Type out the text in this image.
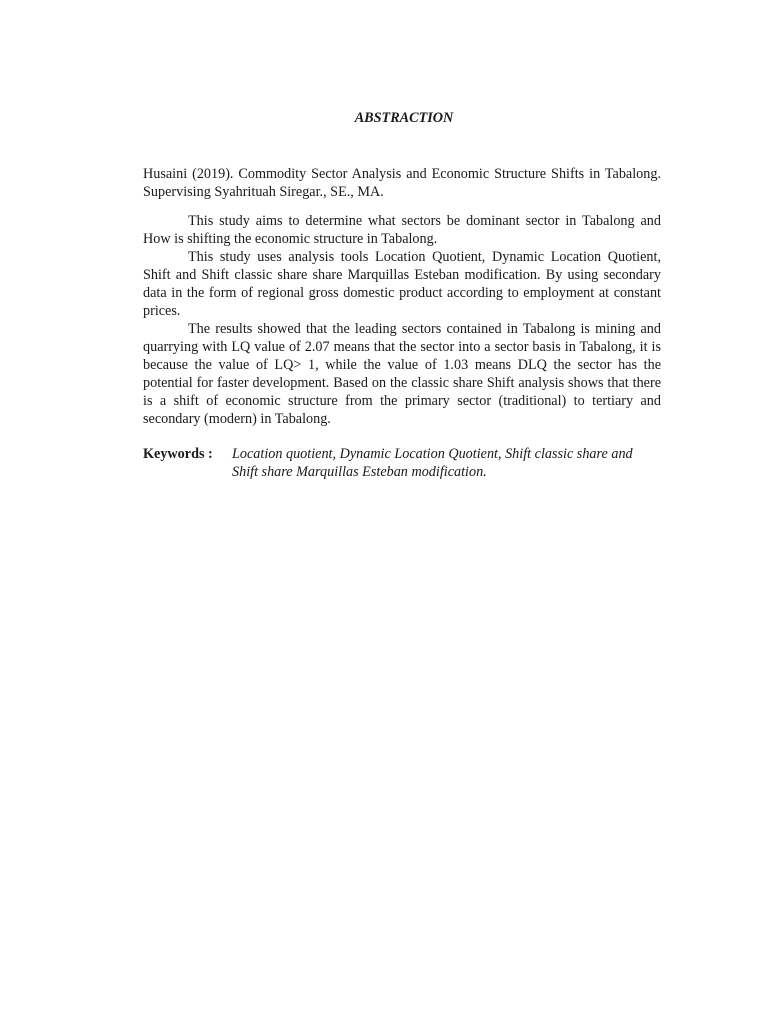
ABSTRACTION

Husaini (2019). Commodity Sector Analysis and Economic Structure Shifts in Tabalong. Supervising Syahrituah Siregar., SE., MA.

This study aims to determine what sectors be dominant sector in Tabalong and How is shifting the economic structure in Tabalong.

This study uses analysis tools Location Quotient, Dynamic Location Quotient, Shift and Shift classic share share Marquillas Esteban modification. By using secondary data in the form of regional gross domestic product according to employment at constant prices.

The results showed that the leading sectors contained in Tabalong is mining and quarrying with LQ value of 2.07 means that the sector into a sector basis in Tabalong, it is because the value of LQ> 1, while the value of 1.03 means DLQ the sector has the potential for faster development. Based on the classic share Shift analysis shows that there is a shift of economic structure from the primary sector (traditional) to tertiary and secondary (modern) in Tabalong.

Keywords :	Location quotient, Dynamic Location Quotient, Shift classic share and Shift share Marquillas Esteban modification.
